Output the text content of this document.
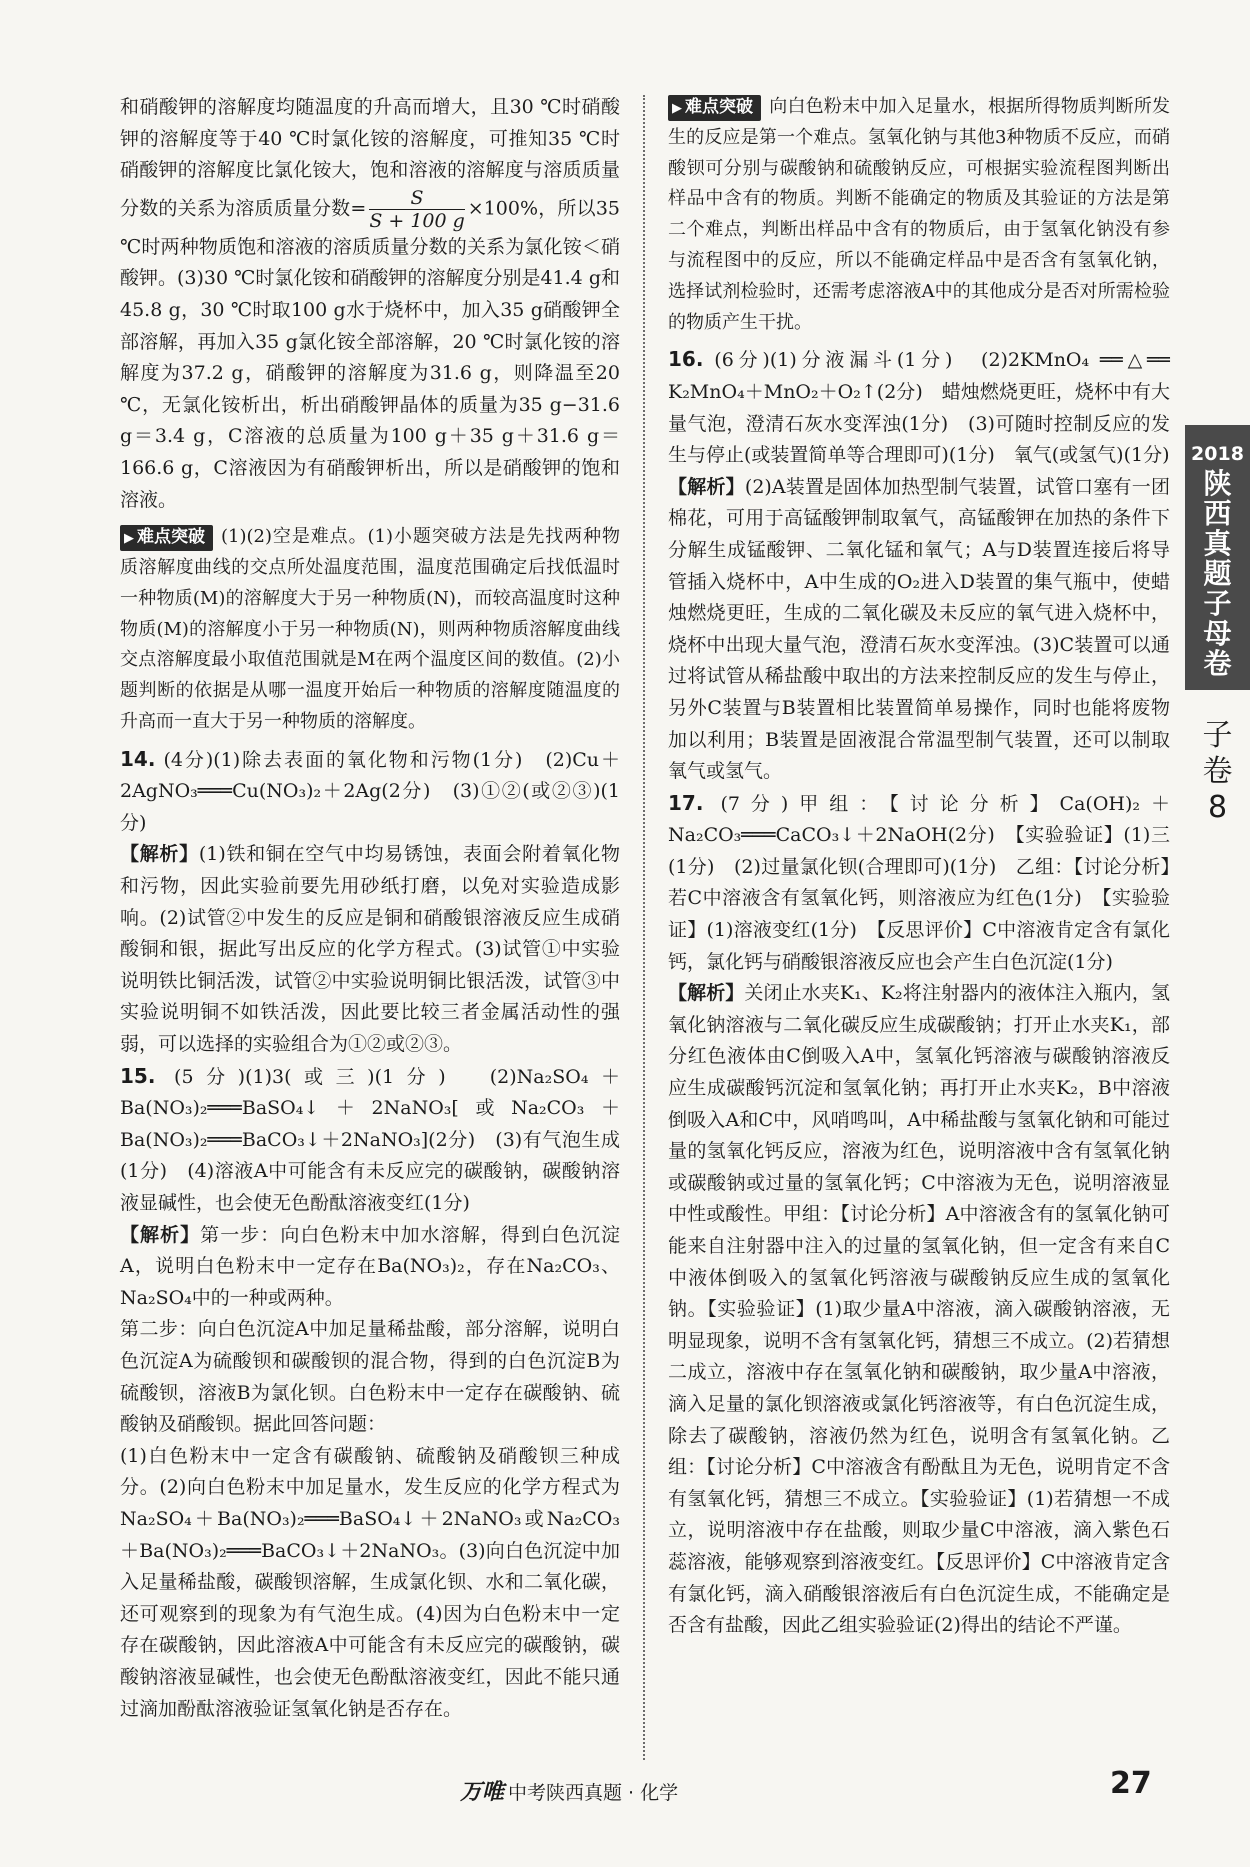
和硝酸钾的溶解度均随温度的升高而增大，且30 ℃时硝酸钾的溶解度等于40 ℃时氯化铵的溶解度，可推知35 ℃时硝酸钾的溶解度比氯化铵大，饱和溶液的溶解度与溶质质量分数的关系为溶质质量分数= $\frac{S}{S + 100 g} \times 100\%$，所以35 ℃时两种物质饱和溶液的溶质质量分数的关系为氯化铵＜硝酸钾。(3)30 ℃时氯化铵和硝酸钾的溶解度分别是41.4 g和45.8 g，30 ℃时取100 g水于烧杯中，加入35 g硝酸钾全部溶解，再加入35 g氯化铵全部溶解，20 ℃时氯化铵的溶解度为37.2 g，硝酸钾的溶解度为31.6 g，则降温至20 ℃，无氯化铵析出，析出硝酸钾晶体的质量为35 g−31.6 g＝3.4 g，C溶液的总质量为100 g＋35 g＋31.6 g＝166.6 g，C溶液因为有硝酸钾析出，所以是硝酸钾的饱和溶液。

▶ 难点突破 (1)(2)空是难点。(1)小题突破方法是先找两种物质溶解度曲线的交点所处温度范围，温度范围确定后找低温时一种物质(M)的溶解度大于另一种物质(N)，而较高温度时这种物质(M)的溶解度小于另一种物质(N)，则两种物质溶解度曲线交点溶解度最小取值范围就是M在两个温度区间的数值。(2)小题判断的依据是从哪一温度开始后一种物质的溶解度随温度的升高而一直大于另一种物质的溶解度。

14. (4分)(1)除去表面的氧化物和污物(1分)　(2)Cu＋2AgNO₃═══Cu(NO₃)₂＋2Ag(2分)　(3)①②(或②③)(1分)

【解析】(1)铁和铜在空气中均易锈蚀，表面会附着氧化物和污物，因此实验前要先用砂纸打磨，以免对实验造成影响。(2)试管②中发生的反应是铜和硝酸银溶液反应生成硝酸铜和银，据此写出反应的化学方程式。(3)试管①中实验说明铁比铜活泼，试管②中实验说明铜比银活泼，试管③中实验说明铜不如铁活泼，因此要比较三者金属活动性的强弱，可以选择的实验组合为①②或②③。

15. (5分)(1)3(或三)(1分)　(2)Na₂SO₄＋Ba(NO₃)₂═══BaSO₄↓＋2NaNO₃[或Na₂CO₃＋Ba(NO₃)₂═══BaCO₃↓＋2NaNO₃](2分)　(3)有气泡生成(1分)　(4)溶液A中可能含有未反应完的碳酸钠，碳酸钠溶液显碱性，也会使无色酚酞溶液变红(1分)

【解析】第一步：向白色粉末中加水溶解，得到白色沉淀A，说明白色粉末中一定存在Ba(NO₃)₂，存在Na₂CO₃、Na₂SO₄中的一种或两种。

第二步：向白色沉淀A中加足量稀盐酸，部分溶解，说明白色沉淀A为硫酸钡和碳酸钡的混合物，得到的白色沉淀B为硫酸钡，溶液B为氯化钡。白色粉末中一定存在碳酸钠、硫酸钠及硝酸钡。据此回答问题：

(1)白色粉末中一定含有碳酸钠、硫酸钠及硝酸钡三种成分。(2)向白色粉末中加足量水，发生反应的化学方程式为Na₂SO₄＋Ba(NO₃)₂═══BaSO₄↓＋2NaNO₃或Na₂CO₃＋Ba(NO₃)₂═══BaCO₃↓＋2NaNO₃。(3)向白色沉淀中加入足量稀盐酸，碳酸钡溶解，生成氯化钡、水和二氧化碳，还可观察到的现象为有气泡生成。(4)因为白色粉末中一定存在碳酸钠，因此溶液A中可能含有未反应完的碳酸钠，碳酸钠溶液显碱性，也会使无色酚酞溶液变红，因此不能只通过滴加酚酞溶液验证氢氧化钠是否存在。

▶ 难点突破 向白色粉末中加入足量水，根据所得物质判断所发生的反应是第一个难点。氢氧化钠与其他3种物质不反应，而硝酸钡可分别与碳酸钠和硫酸钠反应，可根据实验流程图判断出样品中含有的物质。判断不能确定的物质及其验证的方法是第二个难点，判断出样品中含有的物质后，由于氢氧化钠没有参与流程图中的反应，所以不能确定样品中是否含有氢氧化钠，选择试剂检验时，还需考虑溶液A中的其他成分是否对所需检验的物质产生干扰。

16. (6分)(1)分液漏斗(1分)　(2)2KMnO₄ ══△══ K₂MnO₄＋MnO₂＋O₂↑(2分)　蜡烛燃烧更旺，烧杯中有大量气泡，澄清石灰水变浑浊(1分)　(3)可随时控制反应的发生与停止(或装置简单等合理即可)(1分)　氧气(或氢气)(1分)

【解析】(2)A装置是固体加热型制气装置，试管口塞有一团棉花，可用于高锰酸钾制取氧气，高锰酸钾在加热的条件下分解生成锰酸钾、二氧化锰和氧气；A与D装置连接后将导管插入烧杯中，A中生成的O₂进入D装置的集气瓶中，使蜡烛燃烧更旺，生成的二氧化碳及未反应的氧气进入烧杯中，烧杯中出现大量气泡，澄清石灰水变浑浊。(3)C装置可以通过将试管从稀盐酸中取出的方法来控制反应的发生与停止，另外C装置与B装置相比装置简单易操作，同时也能将废物加以利用；B装置是固液混合常温型制气装置，还可以制取氧气或氢气。

17. (7分)甲组：【讨论分析】Ca(OH)₂＋Na₂CO₃═══CaCO₃↓＋2NaOH(2分)　【实验验证】(1)三(1分)　(2)过量氯化钡(合理即可)(1分)　乙组：【讨论分析】若C中溶液含有氢氧化钙，则溶液应为红色(1分)　【实验验证】(1)溶液变红(1分)　【反思评价】C中溶液肯定含有氯化钙，氯化钙与硝酸银溶液反应也会产生白色沉淀(1分)

【解析】关闭止水夹K₁、K₂将注射器内的液体注入瓶内，氢氧化钠溶液与二氧化碳反应生成碳酸钠；打开止水夹K₁，部分红色液体由C倒吸入A中，氢氧化钙溶液与碳酸钠溶液反应生成碳酸钙沉淀和氢氧化钠；再打开止水夹K₂，B中溶液倒吸入A和C中，风哨鸣叫，A中稀盐酸与氢氧化钠和可能过量的氢氧化钙反应，溶液为红色，说明溶液中含有氢氧化钠或碳酸钠或过量的氢氧化钙；C中溶液为无色，说明溶液显中性或酸性。甲组：【讨论分析】A中溶液含有的氢氧化钠可能来自注射器中注入的过量的氢氧化钠，但一定含有来自C中液体倒吸入的氢氧化钙溶液与碳酸钠反应生成的氢氧化钠。【实验验证】(1)取少量A中溶液，滴入碳酸钠溶液，无明显现象，说明不含有氢氧化钙，猜想三不成立。(2)若猜想二成立，溶液中存在氢氧化钠和碳酸钠，取少量A中溶液，滴入足量的氯化钡溶液或氯化钙溶液等，有白色沉淀生成，除去了碳酸钠，溶液仍然为红色，说明含有氢氧化钠。乙组：【讨论分析】C中溶液含有酚酞且为无色，说明肯定不含有氢氧化钙，猜想三不成立。【实验验证】(1)若猜想一不成立，说明溶液中存在盐酸，则取少量C中溶液，滴入紫色石蕊溶液，能够观察到溶液变红。【反思评价】C中溶液肯定含有氯化钙，滴入硝酸银溶液后有白色沉淀生成，不能确定是否含有盐酸，因此乙组实验验证(2)得出的结论不严谨。

2018
陕
西
真
题
子
母
卷
子
卷
8
万唯 中考陕西真题 · 化学	27
